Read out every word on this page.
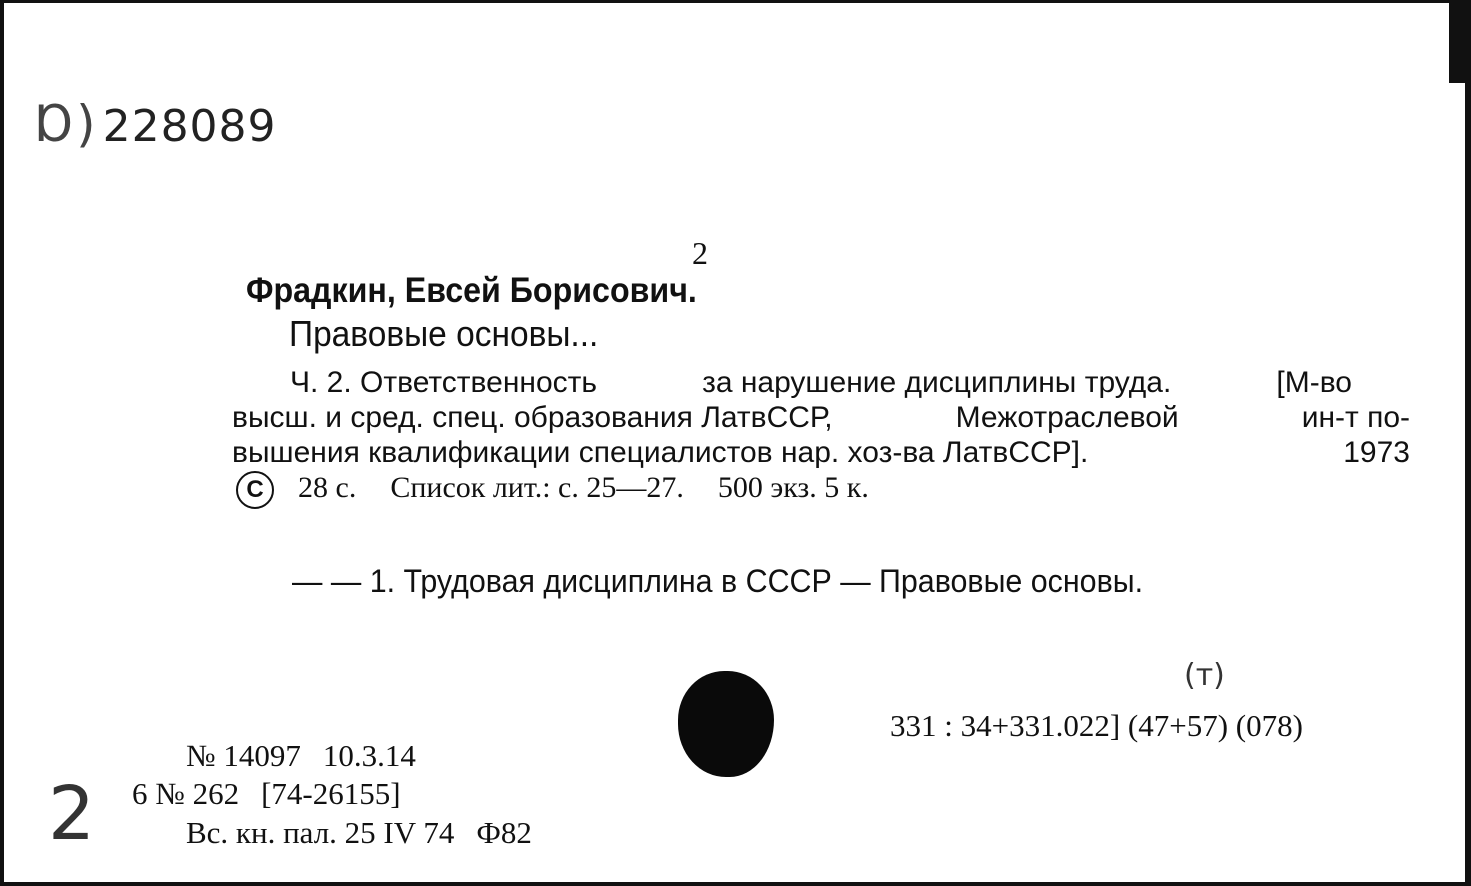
Ɒ) 228089
2
Фрадкин, Евсей Борисович.
Правовые основы...
Ч. 2. Ответственность	за нарушение дисциплины труда.	[М-во
высш. и сред. спец. образования ЛатвССР,	Межотраслевой	ин-т по-
вышения квалификации специалистов нар. хоз-ва ЛатвССР].	1973
C 28 с. Список лит.: с. 25—27. 500 экз. 5 к.
— — 1. Трудовая дисциплина в СССР — Правовые основы.
(т)
331 : 34+331.022] (47+57) (078)
№ 14097 10.3.14
6 № 262 [74-26155]
Вс. кн. пал. 25 IV 74 Ф82
2
